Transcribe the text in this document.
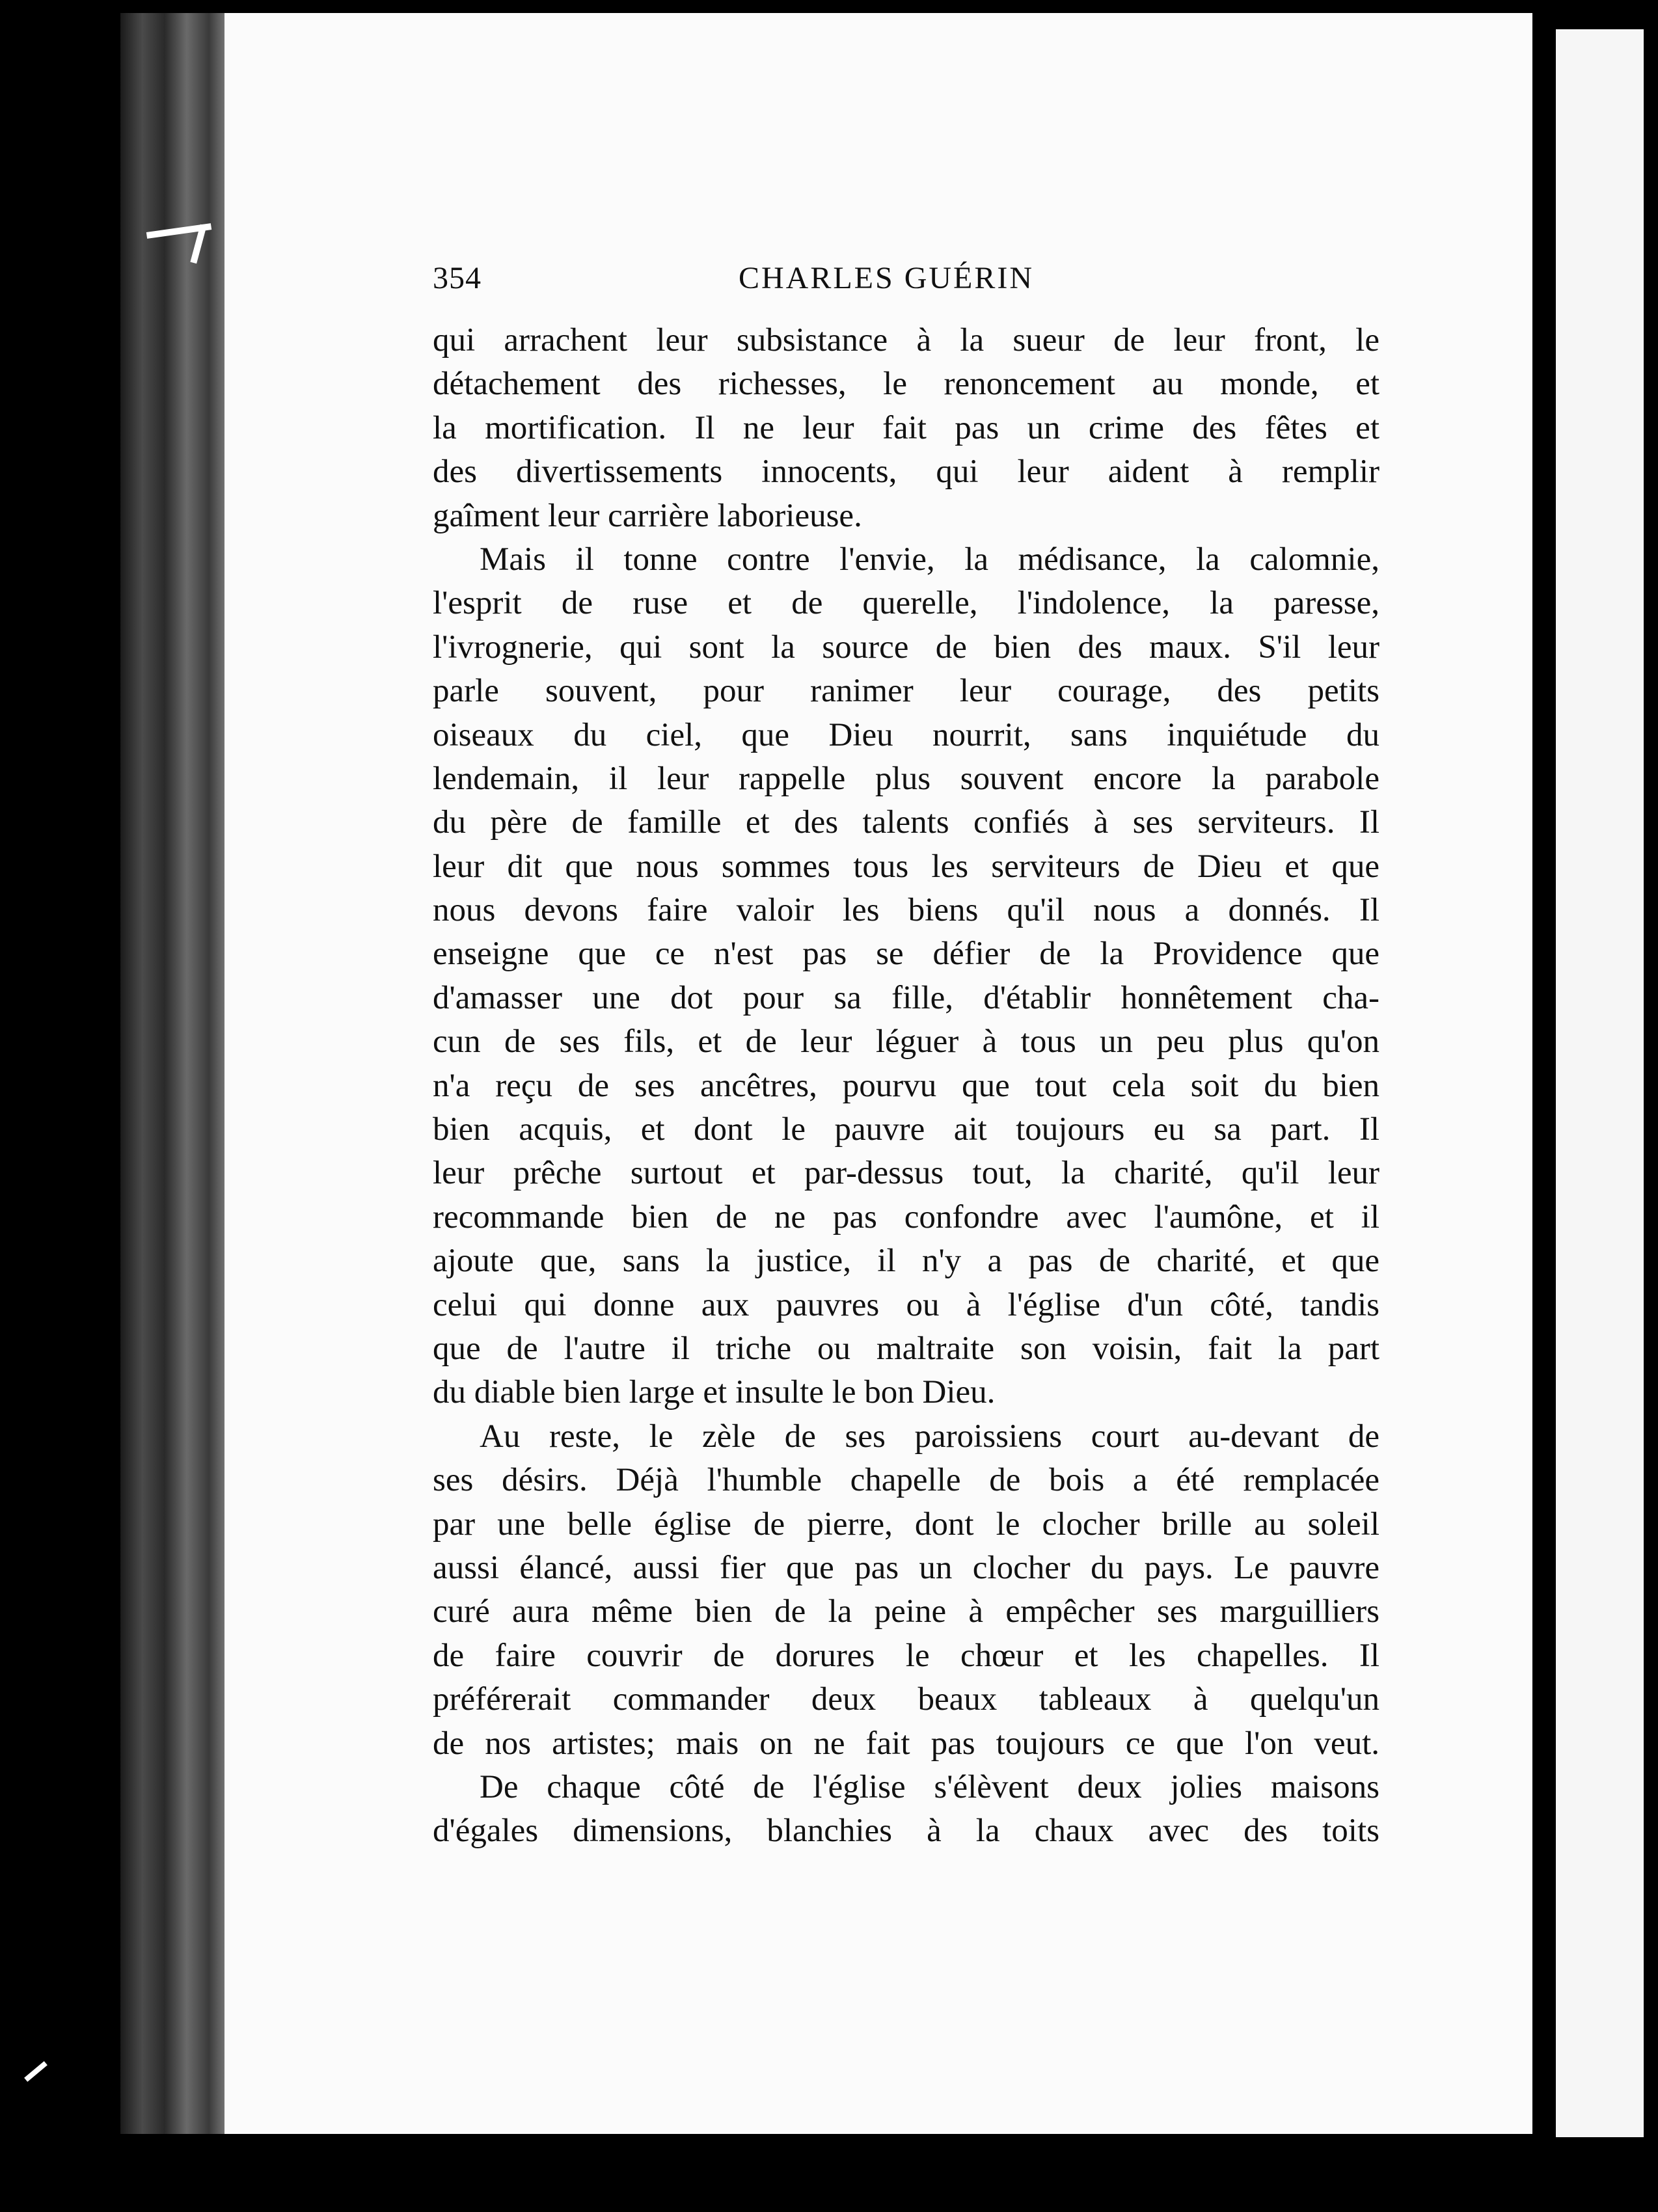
354	CHARLES GUÉRIN
qui arrachent leur subsistance à la sueur de leur front, le
détachement des richesses, le renoncement au monde, et
la mortification. Il ne leur fait pas un crime des fêtes et
des divertissements innocents, qui leur aident à remplir
gaîment leur carrière laborieuse.
Mais il tonne contre l'envie, la médisance, la calomnie,
l'esprit de ruse et de querelle, l'indolence, la paresse,
l'ivrognerie, qui sont la source de bien des maux. S'il leur
parle souvent, pour ranimer leur courage, des petits
oiseaux du ciel, que Dieu nourrit, sans inquiétude du
lendemain, il leur rappelle plus souvent encore la parabole
du père de famille et des talents confiés à ses serviteurs. Il
leur dit que nous sommes tous les serviteurs de Dieu et que
nous devons faire valoir les biens qu'il nous a donnés. Il
enseigne que ce n'est pas se défier de la Providence que
d'amasser une dot pour sa fille, d'établir honnêtement cha-
cun de ses fils, et de leur léguer à tous un peu plus qu'on
n'a reçu de ses ancêtres, pourvu que tout cela soit du bien
bien acquis, et dont le pauvre ait toujours eu sa part. Il
leur prêche surtout et par-dessus tout, la charité, qu'il leur
recommande bien de ne pas confondre avec l'aumône, et il
ajoute que, sans la justice, il n'y a pas de charité, et que
celui qui donne aux pauvres ou à l'église d'un côté, tandis
que de l'autre il triche ou maltraite son voisin, fait la part
du diable bien large et insulte le bon Dieu.
Au reste, le zèle de ses paroissiens court au-devant de
ses désirs. Déjà l'humble chapelle de bois a été remplacée
par une belle église de pierre, dont le clocher brille au soleil
aussi élancé, aussi fier que pas un clocher du pays. Le pauvre
curé aura même bien de la peine à empêcher ses marguilliers
de faire couvrir de dorures le chœur et les chapelles. Il
préférerait commander deux beaux tableaux à quelqu'un
de nos artistes; mais on ne fait pas toujours ce que l'on veut.
De chaque côté de l'église s'élèvent deux jolies maisons
d'égales dimensions, blanchies à la chaux avec des toits
